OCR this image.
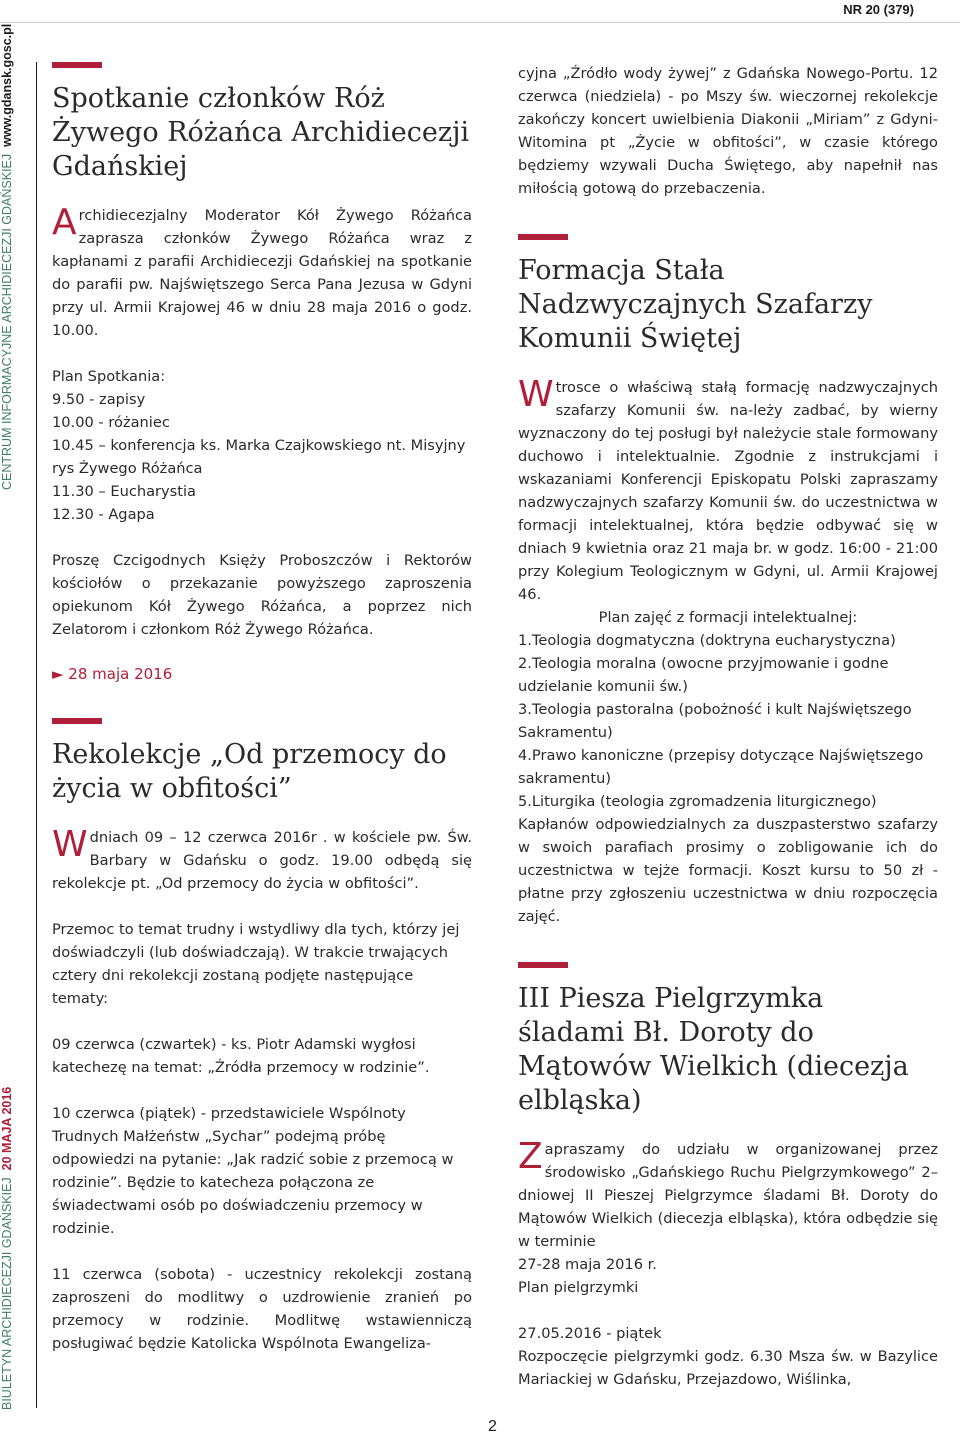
NR 20 (379)
CENTRUM INFORMACYJNE ARCHIDIECEZJI GDAŃSKIEJ  www.gdansk.gosc.pl
BIULETYN ARCHIDIECEZJI GDAŃSKIEJ  20 MAJA 2016
Spotkanie członków Róż Żywego Różańca Archidiecezji Gdańskiej

Archidiecezjalny Moderator Kół Żywego Różańca zaprasza członków Żywego Różańca wraz z kapłanami z parafii Archidiecezji Gdańskiej na spotkanie do parafii pw. Najświętszego Serca Pana Jezusa w Gdyni przy ul. Armii Krajowej 46 w dniu 28 maja 2016 o godz. 10.00.

Plan Spotkania:

9.50 - zapisy

10.00 - różaniec

10.45 – konferencja ks. Marka Czajkowskiego nt. Misyjny rys Żywego Różańca

11.30 – Eucharystia

12.30 - Agapa

Proszę Czcigodnych Księży Proboszczów i Rektorów kościołów o przekazanie powyższego zaproszenia opiekunom Kół Żywego Różańca, a poprzez nich Zelatorom i członkom Róż Żywego Różańca.

► 28 maja 2016

Rekolekcje „Od przemocy do życia w obfitości”

Wdniach 09 – 12 czerwca 2016r . w kościele pw. Św. Barbary w Gdańsku o godz. 19.00 odbędą się rekolekcje pt. „Od przemocy do życia w obfitości”.

Przemoc to temat trudny i wstydliwy dla tych, którzy jej doświadczyli (lub doświadczają). W trakcie trwających cztery dni rekolekcji zostaną podjęte następujące tematy:

09 czerwca (czwartek) - ks. Piotr Adamski wygłosi katechezę na temat: „Źródła przemocy w rodzinie”.

10 czerwca (piątek) - przedstawiciele Wspólnoty Trudnych Małżeństw „Sychar” podejmą próbę odpowiedzi na pytanie: „Jak radzić sobie z przemocą w rodzinie”. Będzie to katecheza połączona ze świadectwami osób po doświadczeniu przemocy w rodzinie.

11 czerwca (sobota) - uczestnicy rekolekcji zostaną zaproszeni do modlitwy o uzdrowienie zranień po przemocy w rodzinie. Modlitwę wstawienniczą posługiwać będzie Katolicka Wspólnota Ewangeliza-

cyjna „Źródło wody żywej” z Gdańska Nowego-Portu. 12 czerwca (niedziela) - po Mszy św. wieczornej rekolekcje zakończy koncert uwielbienia Diakonii „Miriam” z Gdyni-Witomina pt „Życie w obfitości”, w czasie którego będziemy wzywali Ducha Świętego, aby napełnił nas miłością gotową do przebaczenia.

Formacja Stała Nadzwyczajnych Szafarzy Komunii Świętej

Wtrosce o właściwą stałą formację nadzwyczajnych szafarzy Komunii św. na-leży zadbać, by wierny wyznaczony do tej posługi był należycie stale formowany duchowo i intelektualnie. Zgodnie z instrukcjami i wskazaniami Konferencji Episkopatu Polski zapraszamy nadzwyczajnych szafarzy Komunii św. do uczestnictwa w formacji intelektualnej, która będzie odbywać się w dniach 9 kwietnia oraz 21 maja br. w godz. 16:00 - 21:00 przy Kolegium Teologicznym w Gdyni, ul. Armii Krajowej 46.

Plan zajęć z formacji intelektualnej:

1.Teologia dogmatyczna (doktryna eucharystyczna)

2.Teologia moralna (owocne przyjmowanie i godne udzielanie komunii św.)

3.Teologia pastoralna (pobożność i kult Najświętszego Sakramentu)

4.Prawo kanoniczne (przepisy dotyczące Najświętszego sakramentu)

5.Liturgika (teologia zgromadzenia liturgicznego)

Kapłanów odpowiedzialnych za duszpasterstwo szafarzy w swoich parafiach prosimy o zobligowanie ich do uczestnictwa w tejże formacji. Koszt kursu to 50 zł - płatne przy zgłoszeniu uczestnictwa w dniu rozpoczęcia zajęć.

III Piesza Pielgrzymka śladami Bł. Doroty do Mątowów Wielkich (diecezja elbląska)

Zapraszamy do udziału w organizowanej przez środowisko „Gdańskiego Ruchu Pielgrzymkowego” 2–dniowej II Pieszej Pielgrzymce śladami Bł. Doroty do Mątowów Wielkich (diecezja elbląska), która odbędzie się w terminie

27-28 maja 2016 r.

Plan pielgrzymki

27.05.2016 - piątek

Rozpoczęcie pielgrzymki godz. 6.30 Msza św. w Bazylice Mariackiej w Gdańsku, Przejazdowo, Wiślinka,

2
